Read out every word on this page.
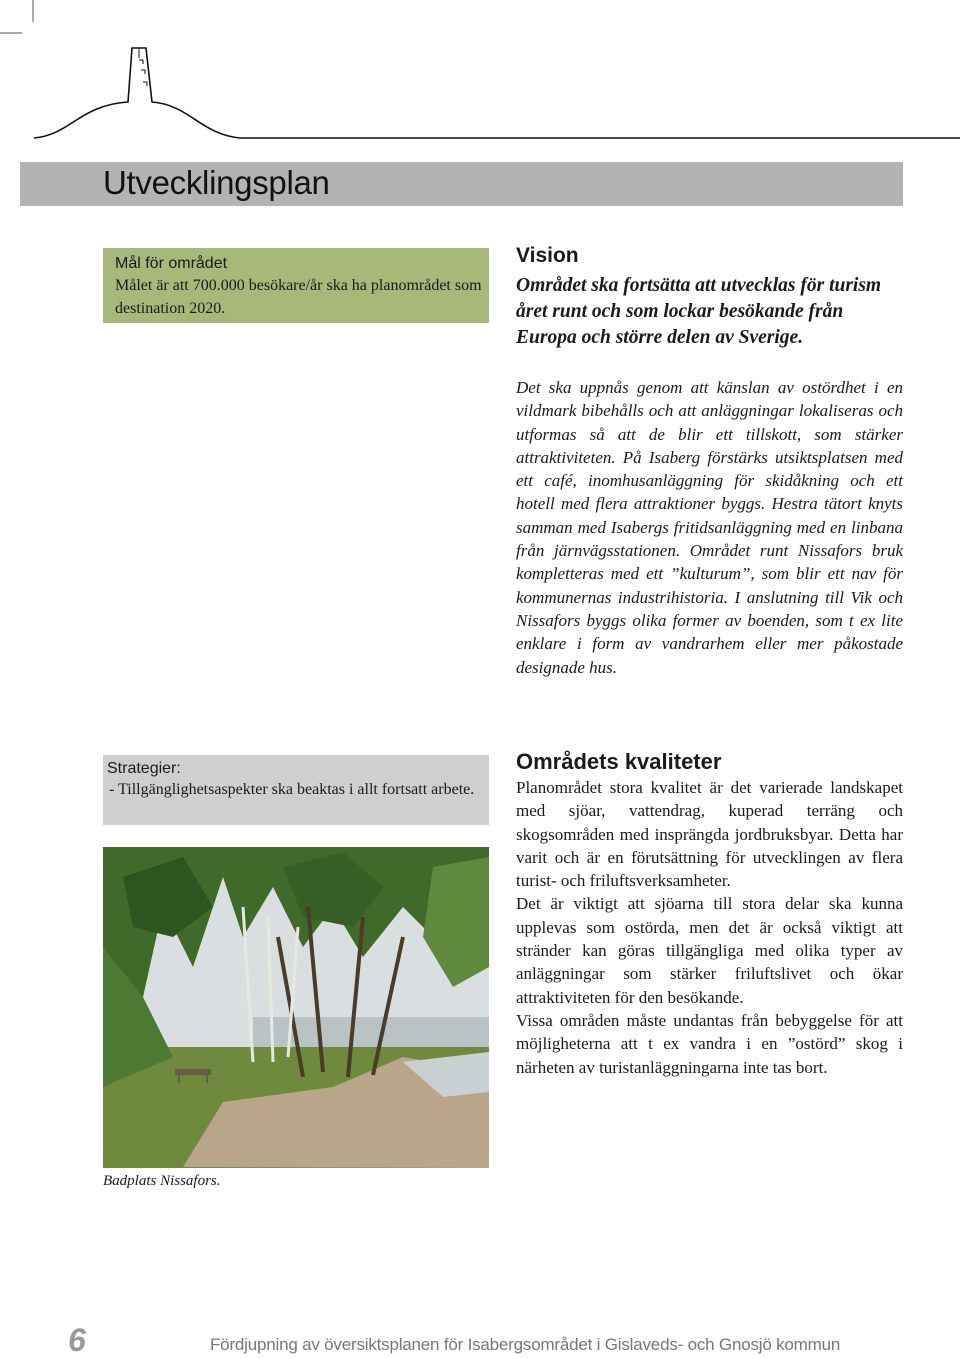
Utvecklingsplan
Mål för området
Målet är att 700.000 besökare/år ska ha planområdet som destination 2020.
Vision
Området ska fortsätta att utvecklas för turism året runt och som lockar besökande från Europa och större delen av Sverige.
Det ska uppnås genom att känslan av ostördhet i en vildmark bibehålls och att anläggningar lokaliseras och utformas så att de blir ett tillskott, som stärker attraktiviteten. På Isaberg förstärks utsiktsplatsen med ett café, inomhusanläggning för skidåkning och ett hotell med flera attraktioner byggs. Hestra tätort knyts samman med Isabergs fritidsanläggning med en linbana från järnvägsstationen. Området runt Nissafors bruk kompletteras med ett ”kulturum”, som blir ett nav för kommunernas industrihistoria. I anslutning till Vik och Nissafors byggs olika former av boenden, som t ex lite enklare i form av vandrarhem eller mer påkostade designade hus.
Strategier:
- Tillgänglighetsaspekter ska beaktas i allt fortsatt arbete.
Badplats Nissafors.
Områdets kvaliteter

Planområdet stora kvalitet är det varierade landskapet med sjöar, vattendrag, kuperad terräng och skogsområden med insprängda jordbruksbyar. Detta har varit och är en förutsättning för utvecklingen av flera turist- och friluftsverksamheter.

Det är viktigt att sjöarna till stora delar ska kunna upplevas som ostörda, men det är också viktigt att stränder kan göras tillgängliga med olika typer av anläggningar som stärker friluftslivet och ökar attraktiviteten för den besökande.

Vissa områden måste undantas från bebyggelse för att möjligheterna att t ex vandra i en ”ostörd” skog i närheten av turistanläggningarna inte tas bort.

6	Fördjupning av översiktsplanen för Isabergsområdet i Gislaveds- och Gnosjö kommun
